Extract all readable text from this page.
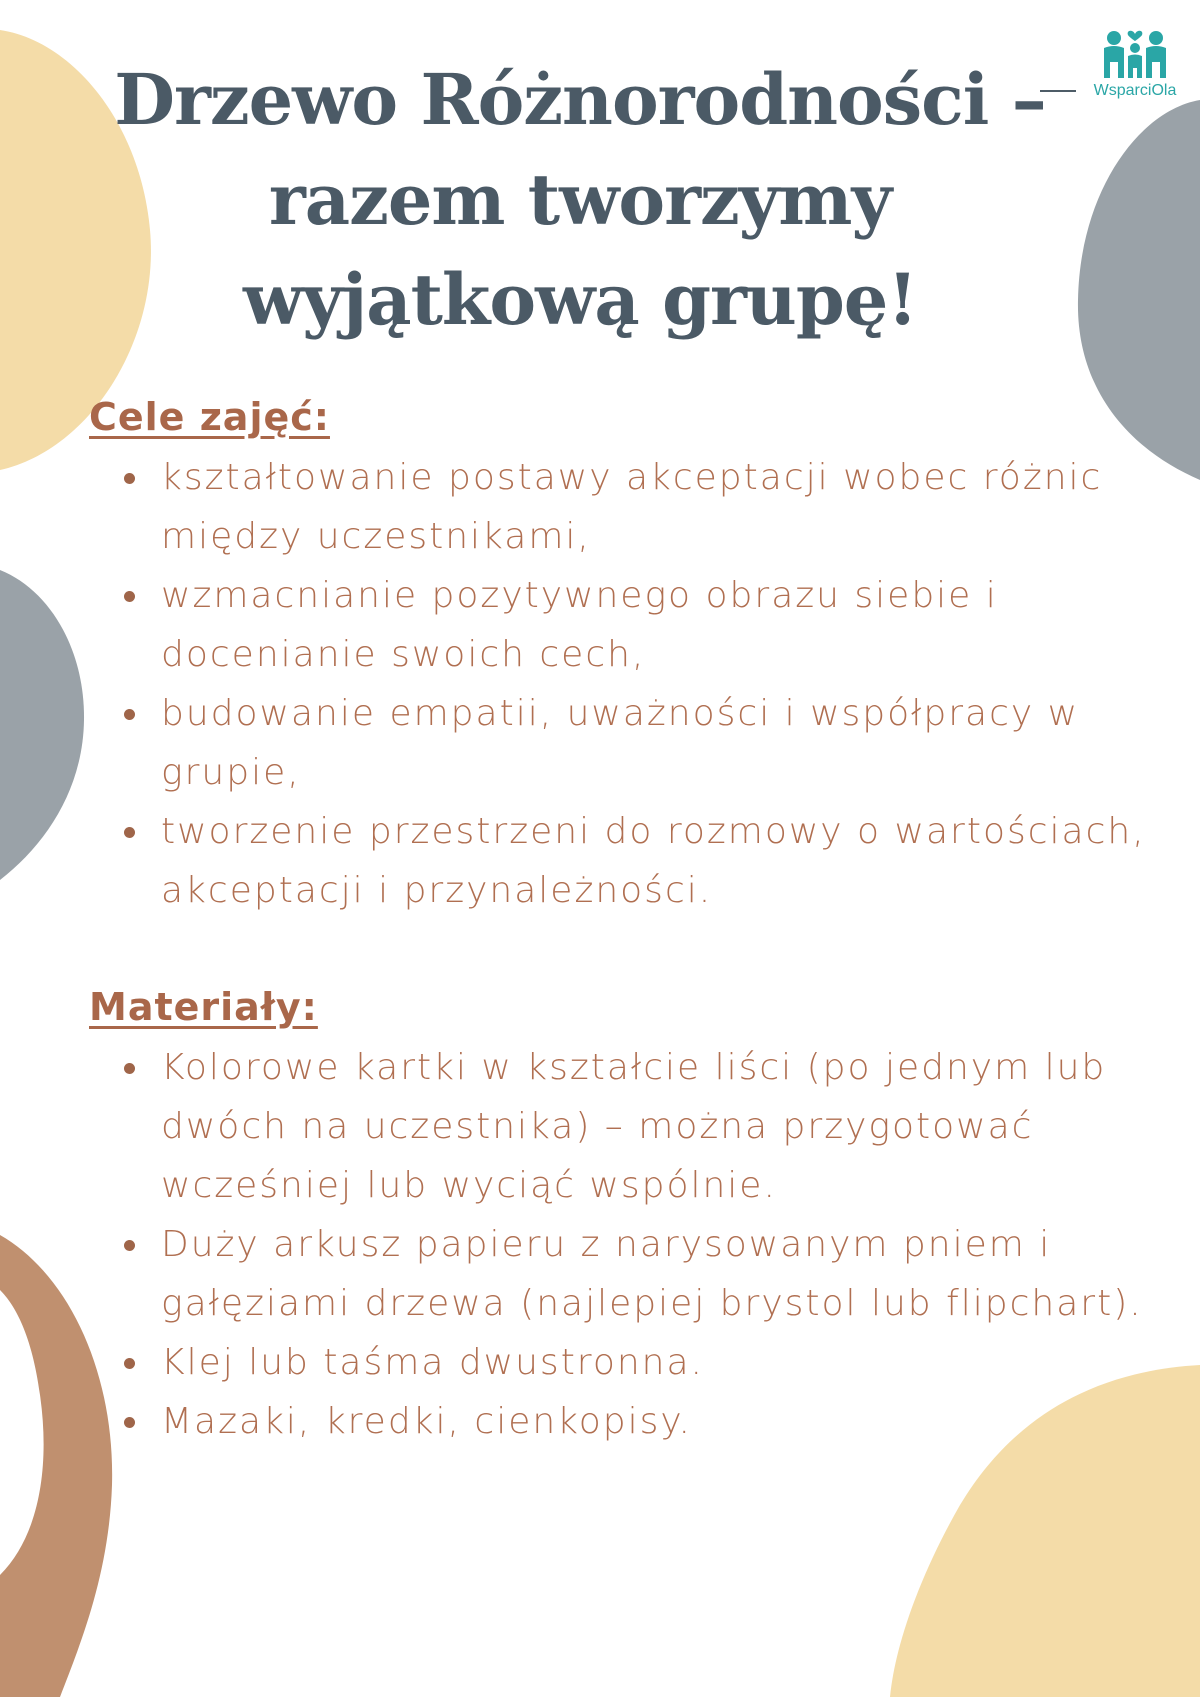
WsparciOla
Drzewo Różnorodności – razem tworzymy wyjątkową grupę!
Cele zajęć:
kształtowanie postawy akceptacji wobec różnic między uczestnikami,
wzmacnianie pozytywnego obrazu siebie i docenianie swoich cech,
budowanie empatii, uważności i współpracy w grupie,
tworzenie przestrzeni do rozmowy o wartościach, akceptacji i przynależności.
Materiały:
Kolorowe kartki w kształcie liści (po jednym lub dwóch na uczestnika) – można przygotować wcześniej lub wyciąć wspólnie.
Duży arkusz papieru z narysowanym pniem i gałęziami drzewa (najlepiej brystol lub flipchart).
Klej lub taśma dwustronna.
Mazaki, kredki, cienkopisy.
